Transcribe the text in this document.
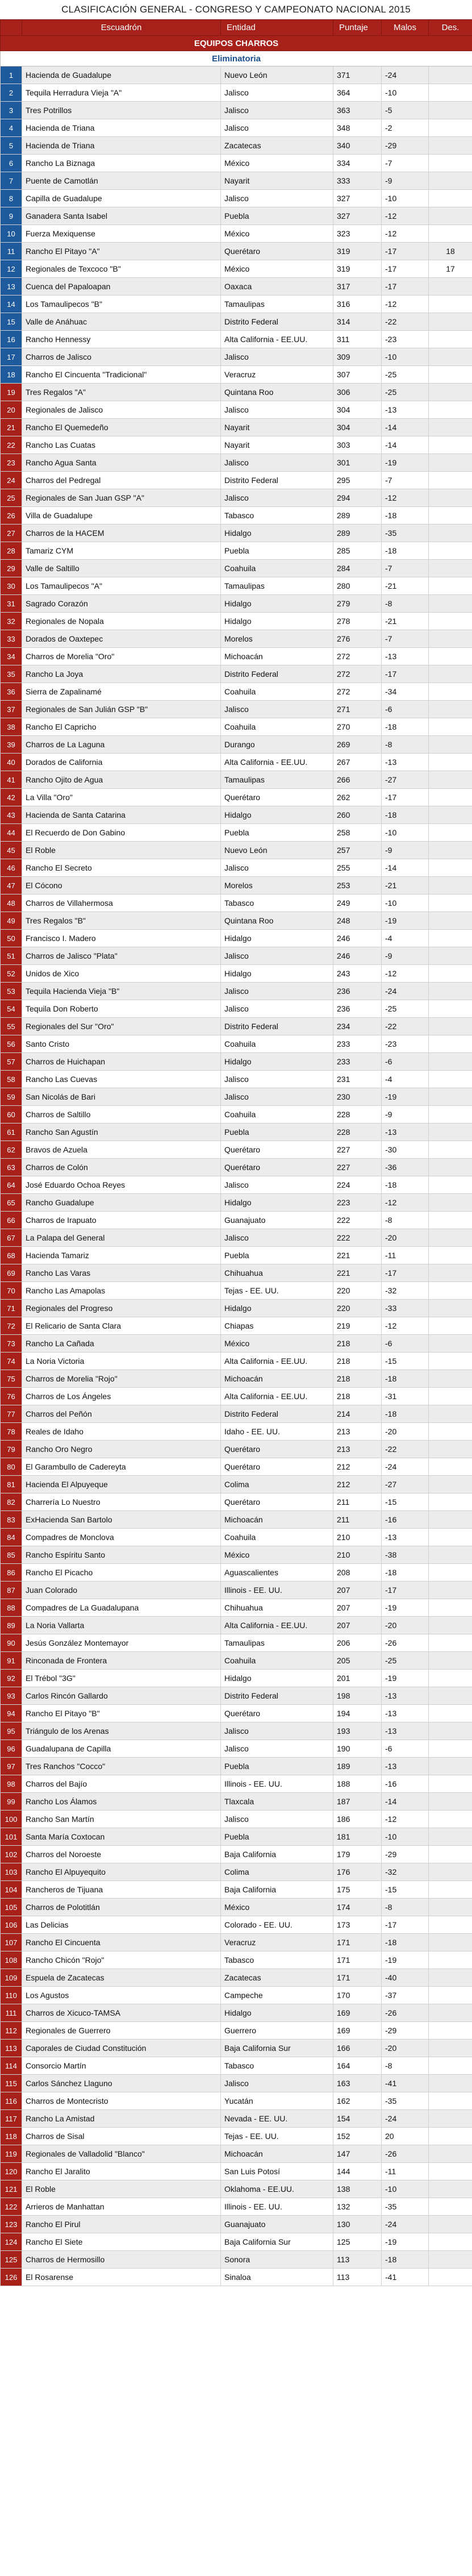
CLASIFICACIÓN GENERAL - CONGRESO Y CAMPEONATO NACIONAL 2015
	Escuadrón	Entidad	Puntaje	Malos	Des.
EQUIPOS CHARROS					
Eliminatoria					
1	Hacienda de Guadalupe	Nuevo León	371	-24	
2	Tequila Herradura Vieja "A"	Jalisco	364	-10	
3	Tres Potrillos	Jalisco	363	-5	
4	Hacienda de Triana	Jalisco	348	-2	
5	Hacienda de Triana	Zacatecas	340	-29	
6	Rancho La Biznaga	México	334	-7	
7	Puente de Camotlán	Nayarit	333	-9	
8	Capilla de Guadalupe	Jalisco	327	-10	
9	Ganadera Santa Isabel	Puebla	327	-12	
10	Fuerza Mexiquense	México	323	-12	
11	Rancho El Pitayo "A"	Querétaro	319	-17	18
12	Regionales de Texcoco "B"	México	319	-17	17
13	Cuenca del Papaloapan	Oaxaca	317	-17	
14	Los Tamaulipecos "B"	Tamaulipas	316	-12	
15	Valle de Anáhuac	Distrito Federal	314	-22	
16	Rancho Hennessy	Alta California - EE.UU.	311	-23	
17	Charros de Jalisco	Jalisco	309	-10	
18	Rancho El Cincuenta "Tradicional"	Veracruz	307	-25	
19	Tres Regalos "A"	Quintana Roo	306	-25	
20	Regionales de Jalisco	Jalisco	304	-13	
21	Rancho El Quemedeño	Nayarit	304	-14	
22	Rancho Las Cuatas	Nayarit	303	-14	
23	Rancho Agua Santa	Jalisco	301	-19	
24	Charros del Pedregal	Distrito Federal	295	-7	
25	Regionales de San Juan GSP "A"	Jalisco	294	-12	
26	Villa de Guadalupe	Tabasco	289	-18	
27	Charros de la HACEM	Hidalgo	289	-35	
28	Tamariz CYM	Puebla	285	-18	
29	Valle de Saltillo	Coahuila	284	-7	
30	Los Tamaulipecos "A"	Tamaulipas	280	-21	
31	Sagrado Corazón	Hidalgo	279	-8	
32	Regionales de Nopala	Hidalgo	278	-21	
33	Dorados de Oaxtepec	Morelos	276	-7	
34	Charros de Morelia "Oro"	Michoacán	272	-13	
35	Rancho La Joya	Distrito Federal	272	-17	
36	Sierra de Zapalinamé	Coahuila	272	-34	
37	Regionales de San Julián GSP "B"	Jalisco	271	-6	
38	Rancho El Capricho	Coahuila	270	-18	
39	Charros de La Laguna	Durango	269	-8	
40	Dorados de California	Alta California - EE.UU.	267	-13	
41	Rancho Ojito de Agua	Tamaulipas	266	-27	
42	La Villa "Oro"	Querétaro	262	-17	
43	Hacienda de Santa Catarina	Hidalgo	260	-18	
44	El Recuerdo de Don Gabino	Puebla	258	-10	
45	El Roble	Nuevo León	257	-9	
46	Rancho El Secreto	Jalisco	255	-14	
47	El Cócono	Morelos	253	-21	
48	Charros de Villahermosa	Tabasco	249	-10	
49	Tres Regalos "B"	Quintana Roo	248	-19	
50	Francisco I. Madero	Hidalgo	246	-4	
51	Charros de Jalisco "Plata"	Jalisco	246	-9	
52	Unidos de Xico	Hidalgo	243	-12	
53	Tequila Hacienda Vieja "B"	Jalisco	236	-24	
54	Tequila Don Roberto	Jalisco	236	-25	
55	Regionales del Sur "Oro"	Distrito Federal	234	-22	
56	Santo Cristo	Coahuila	233	-23	
57	Charros de Huichapan	Hidalgo	233	-6	
58	Rancho Las Cuevas	Jalisco	231	-4	
59	San Nicolás de Bari	Jalisco	230	-19	
60	Charros de Saltillo	Coahuila	228	-9	
61	Rancho San Agustín	Puebla	228	-13	
62	Bravos de Azuela	Querétaro	227	-30	
63	Charros de Colón	Querétaro	227	-36	
64	José Eduardo Ochoa Reyes	Jalisco	224	-18	
65	Rancho Guadalupe	Hidalgo	223	-12	
66	Charros de Irapuato	Guanajuato	222	-8	
67	La Palapa del General	Jalisco	222	-20	
68	Hacienda Tamariz	Puebla	221	-11	
69	Rancho Las Varas	Chihuahua	221	-17	
70	Rancho Las Amapolas	Tejas - EE. UU.	220	-32	
71	Regionales del Progreso	Hidalgo	220	-33	
72	El Relicario de Santa Clara	Chiapas	219	-12	
73	Rancho La Cañada	México	218	-6	
74	La Noria Victoria	Alta California - EE.UU.	218	-15	
75	Charros de Morelia "Rojo"	Michoacán	218	-18	
76	Charros de Los Ángeles	Alta California - EE.UU.	218	-31	
77	Charros del Peñón	Distrito Federal	214	-18	
78	Reales de Idaho	Idaho - EE. UU.	213	-20	
79	Rancho Oro Negro	Querétaro	213	-22	
80	El Garambullo de Cadereyta	Querétaro	212	-24	
81	Hacienda El Alpuyeque	Colima	212	-27	
82	Charrería Lo Nuestro	Querétaro	211	-15	
83	ExHacienda San Bartolo	Michoacán	211	-16	
84	Compadres de Monclova	Coahuila	210	-13	
85	Rancho Espíritu Santo	México	210	-38	
86	Rancho El Picacho	Aguascalientes	208	-18	
87	Juan Colorado	Illinois - EE. UU.	207	-17	
88	Compadres de La Guadalupana	Chihuahua	207	-19	
89	La Noria Vallarta	Alta California - EE.UU.	207	-20	
90	Jesús González Montemayor	Tamaulipas	206	-26	
91	Rinconada de Frontera	Coahuila	205	-25	
92	El Trébol "3G"	Hidalgo	201	-19	
93	Carlos Rincón Gallardo	Distrito Federal	198	-13	
94	Rancho El Pitayo "B"	Querétaro	194	-13	
95	Triángulo de los Arenas	Jalisco	193	-13	
96	Guadalupana de Capilla	Jalisco	190	-6	
97	Tres Ranchos "Cocco"	Puebla	189	-13	
98	Charros del Bajío	Illinois - EE. UU.	188	-16	
99	Rancho Los Álamos	Tlaxcala	187	-14	
100	Rancho San Martín	Jalisco	186	-12	
101	Santa María Coxtocan	Puebla	181	-10	
102	Charros del Noroeste	Baja California	179	-29	
103	Rancho El Alpuyequito	Colima	176	-32	
104	Rancheros de Tijuana	Baja California	175	-15	
105	Charros de Polotitlán	México	174	-8	
106	Las Delicias	Colorado - EE. UU.	173	-17	
107	Rancho El Cincuenta	Veracruz	171	-18	
108	Rancho Chicón "Rojo"	Tabasco	171	-19	
109	Espuela de Zacatecas	Zacatecas	171	-40	
110	Los Agustos	Campeche	170	-37	
111	Charros de Xicuco-TAMSA	Hidalgo	169	-26	
112	Regionales de Guerrero	Guerrero	169	-29	
113	Caporales de Ciudad Constitución	Baja California Sur	166	-20	
114	Consorcio Martín	Tabasco	164	-8	
115	Carlos Sánchez Llaguno	Jalisco	163	-41	
116	Charros de Montecristo	Yucatán	162	-35	
117	Rancho La Amistad	Nevada - EE. UU.	154	-24	
118	Charros de Sisal	Tejas - EE. UU.	152	20	
119	Regionales de Valladolid "Blanco"	Michoacán	147	-26	
120	Rancho El Jaralito	San Luis Potosí	144	-11	
121	El Roble	Oklahoma - EE.UU.	138	-10	
122	Arrieros de Manhattan	Illinois - EE. UU.	132	-35	
123	Rancho El Pirul	Guanajuato	130	-24	
124	Rancho El Siete	Baja California Sur	125	-19	
125	Charros de Hermosillo	Sonora	113	-18	
126	El Rosarense	Sinaloa	113	-41	
